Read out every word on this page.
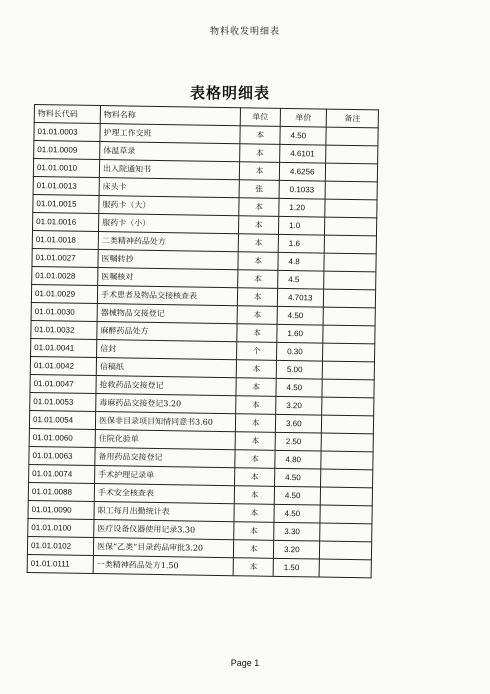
物料收发明细表
表格明细表
物料长代码	物料名称	单位	单价	备注
01.01.0003	护理工作交班	本	4.50	
01.01.0009	体温草录	本	4.6101	
01.01.0010	出入院通知书	本	4.6256	
01.01.0013	床头卡	张	0.1033	
01.01.0015	服药卡（大）	本	1.20	
01.01.0016	服药卡（小）	本	1.0	
01.01.0018	二类精神药品处方	本	1.6	
01.01.0027	医嘱转抄	本	4.8	
01.01.0028	医嘱核对	本	4.5	
01.01.0029	手术患者及物品交接核查表	本	4.7013	
01.01.0030	器械物品交接登记	本	4.50	
01.01.0032	麻醉药品处方	本	1.60	
01.01.0041	信封	个	0.30	
01.01.0042	信稿纸	本	5.00	
01.01.0047	抢救药品交接登记	本	4.50	
01.01.0053	毒麻药品交接登记3.20	本	3.20	
01.01.0054	医保非目录项目知情同意书3.60	本	3.60	
01.01.0060	住院化验单	本	2.50	
01.01.0063	备用药品交接登记	本	4.80	
01.01.0074	手术护理记录单	本	4.50	
01.01.0088	手术安全核查表	本	4.50	
01.01.0090	职工每月出勤统计表	本	4.50	
01.01.0100	医疗设备仪器使用记录3.30	本	3.30	
01.01.0102	医保“乙类”目录药品审批3.20	本	3.20	
01.01.0111	一类精神药品处方1.50	本	1.50	
Page 1
